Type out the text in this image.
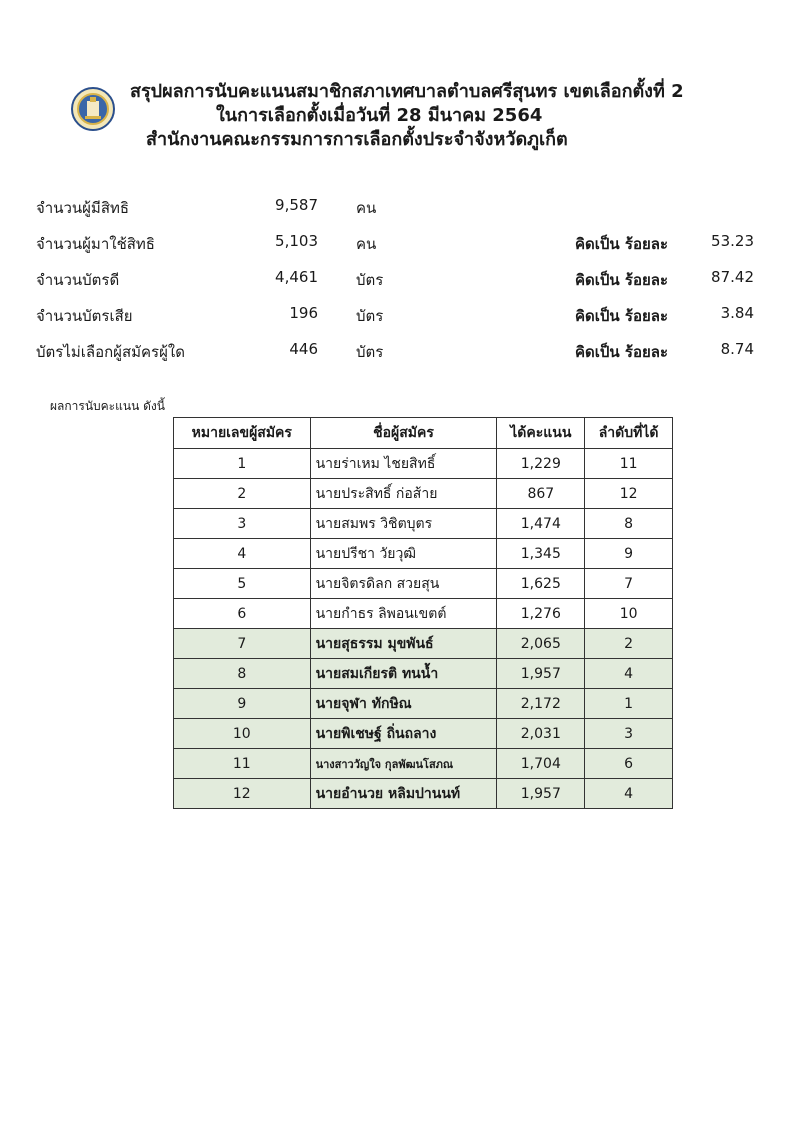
สรุปผลการนับคะแนนสมาชิกสภาเทศบาลตำบลศรีสุนทร เขตเลือกตั้งที่ 2
ในการเลือกตั้งเมื่อวันที่ 28 มีนาคม 2564
สำนักงานคณะกรรมการการเลือกตั้งประจำจังหวัดภูเก็ต
จำนวนผู้มีสิทธิ	9,587	คน
จำนวนผู้มาใช้สิทธิ	5,103	คน	คิดเป็น ร้อยละ	53.23
จำนวนบัตรดี	4,461	บัตร	คิดเป็น ร้อยละ	87.42
จำนวนบัตรเสีย	196	บัตร	คิดเป็น ร้อยละ	3.84
บัตรไม่เลือกผู้สมัครผู้ใด	446	บัตร	คิดเป็น ร้อยละ	8.74
ผลการนับคะแนน ดังนี้
หมายเลขผู้สมัคร	ชื่อผู้สมัคร	ได้คะแนน	ลำดับที่ได้
1	นายร่าเหม ไชยสิทธิ์	1,229	11
2	นายประสิทธิ์ ก่อส้าย	867	12
3	นายสมพร วิชิตบุตร	1,474	8
4	นายปรีชา วัยวุฒิ	1,345	9
5	นายจิตรดิลก สวยสุน	1,625	7
6	นายกำธร ลิพอนเขตต์	1,276	10
7	นายสุธรรม มุขพันธ์	2,065	2
8	นายสมเกียรติ ทนน้ำ	1,957	4
9	นายจุฬา ทักษิณ	2,172	1
10	นายพิเชษฐ์ ถิ่นถลาง	2,031	3
11	นางสาววัญใจ กุลพัฒนโสภณ	1,704	6
12	นายอำนวย หลิมปานนท์	1,957	4
